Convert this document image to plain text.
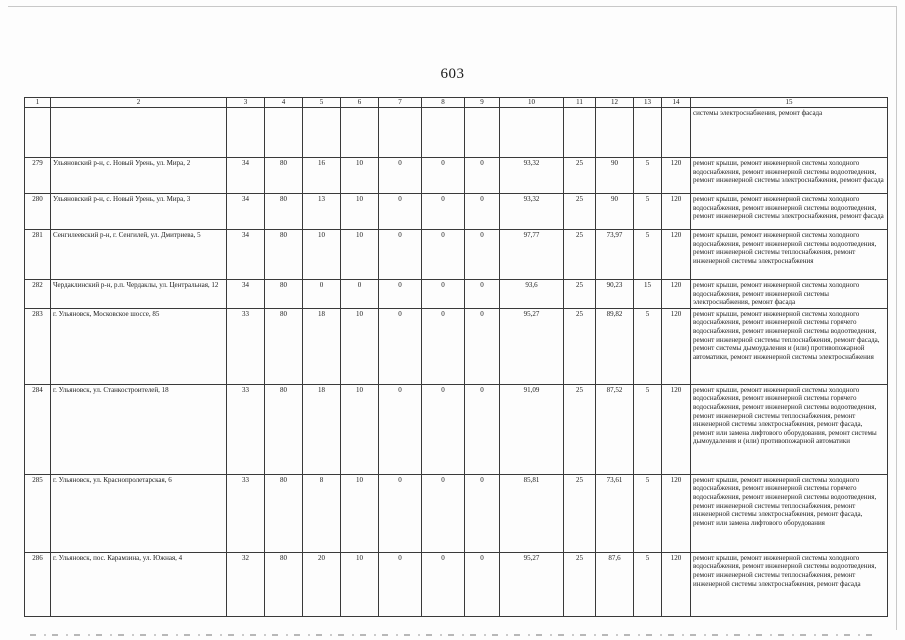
603
1	2	3	4	5	6	7	8	9	10	11	12	13	14	15
														системы электроснабжения, ремонт фасада
279	Ульяновский р-н, с. Новый Урень, ул. Мира, 2	34	80	16	10	0	0	0	93,32	25	90	5	120	ремонт крыши, ремонт инженерной системы холодного водоснабжения, ремонт инженерной системы водоотведения, ремонт инженерной системы электроснабжения, ремонт фасада
280	Ульяновский р-н, с. Новый Урень, ул. Мира, 3	34	80	13	10	0	0	0	93,32	25	90	5	120	ремонт крыши, ремонт инженерной системы холодного водоснабжения, ремонт инженерной системы водоотведения, ремонт инженерной системы электроснабжения, ремонт фасада
281	Сенгилеевский р-н, г. Сенгилей, ул. Дмитриева, 5	34	80	10	10	0	0	0	97,77	25	73,97	5	120	ремонт крыши, ремонт инженерной системы холодного водоснабжения, ремонт инженерной системы водоотведения, ремонт инженерной системы теплоснабжения, ремонт инженерной системы электроснабжения
282	Чердаклинский р-н, р.п. Чердаклы, ул. Центральная, 12	34	80	0	0	0	0	0	93,6	25	90,23	15	120	ремонт крыши, ремонт инженерной системы холодного водоснабжения, ремонт инженерной системы электроснабжения, ремонт фасада
283	г. Ульяновск, Московское шоссе, 85	33	80	18	10	0	0	0	95,27	25	89,82	5	120	ремонт крыши, ремонт инженерной системы холодного водоснабжения, ремонт инженерной системы горячего водоснабжения, ремонт инженерной системы водоотведения, ремонт инженерной системы теплоснабжения, ремонт фасада, ремонт системы дымоудаления и (или) противопожарной автоматики, ремонт инженерной системы электроснабжения
284	г. Ульяновск, ул. Станкостроителей, 18	33	80	18	10	0	0	0	91,09	25	87,52	5	120	ремонт крыши, ремонт инженерной системы холодного водоснабжения, ремонт инженерной системы горячего водоснабжения, ремонт инженерной системы водоотведения, ремонт инженерной системы теплоснабжения, ремонт инженерной системы электроснабжения, ремонт фасада, ремонт или замена лифтового оборудования, ремонт системы дымоудаления и (или) противопожарной автоматики
285	г. Ульяновск, ул. Краснопролетарская, 6	33	80	8	10	0	0	0	85,81	25	73,61	5	120	ремонт крыши, ремонт инженерной системы холодного водоснабжения, ремонт инженерной системы горячего водоснабжения, ремонт инженерной системы водоотведения, ремонт инженерной системы теплоснабжения, ремонт инженерной системы электроснабжения, ремонт фасада, ремонт или замена лифтового оборудования
286	г. Ульяновск, пос. Карамзина, ул. Южная, 4	32	80	20	10	0	0	0	95,27	25	87,6	5	120	ремонт крыши, ремонт инженерной системы холодного водоснабжения, ремонт инженерной системы водоотведения, ремонт инженерной системы теплоснабжения, ремонт инженерной системы электроснабжения, ремонт фасада
